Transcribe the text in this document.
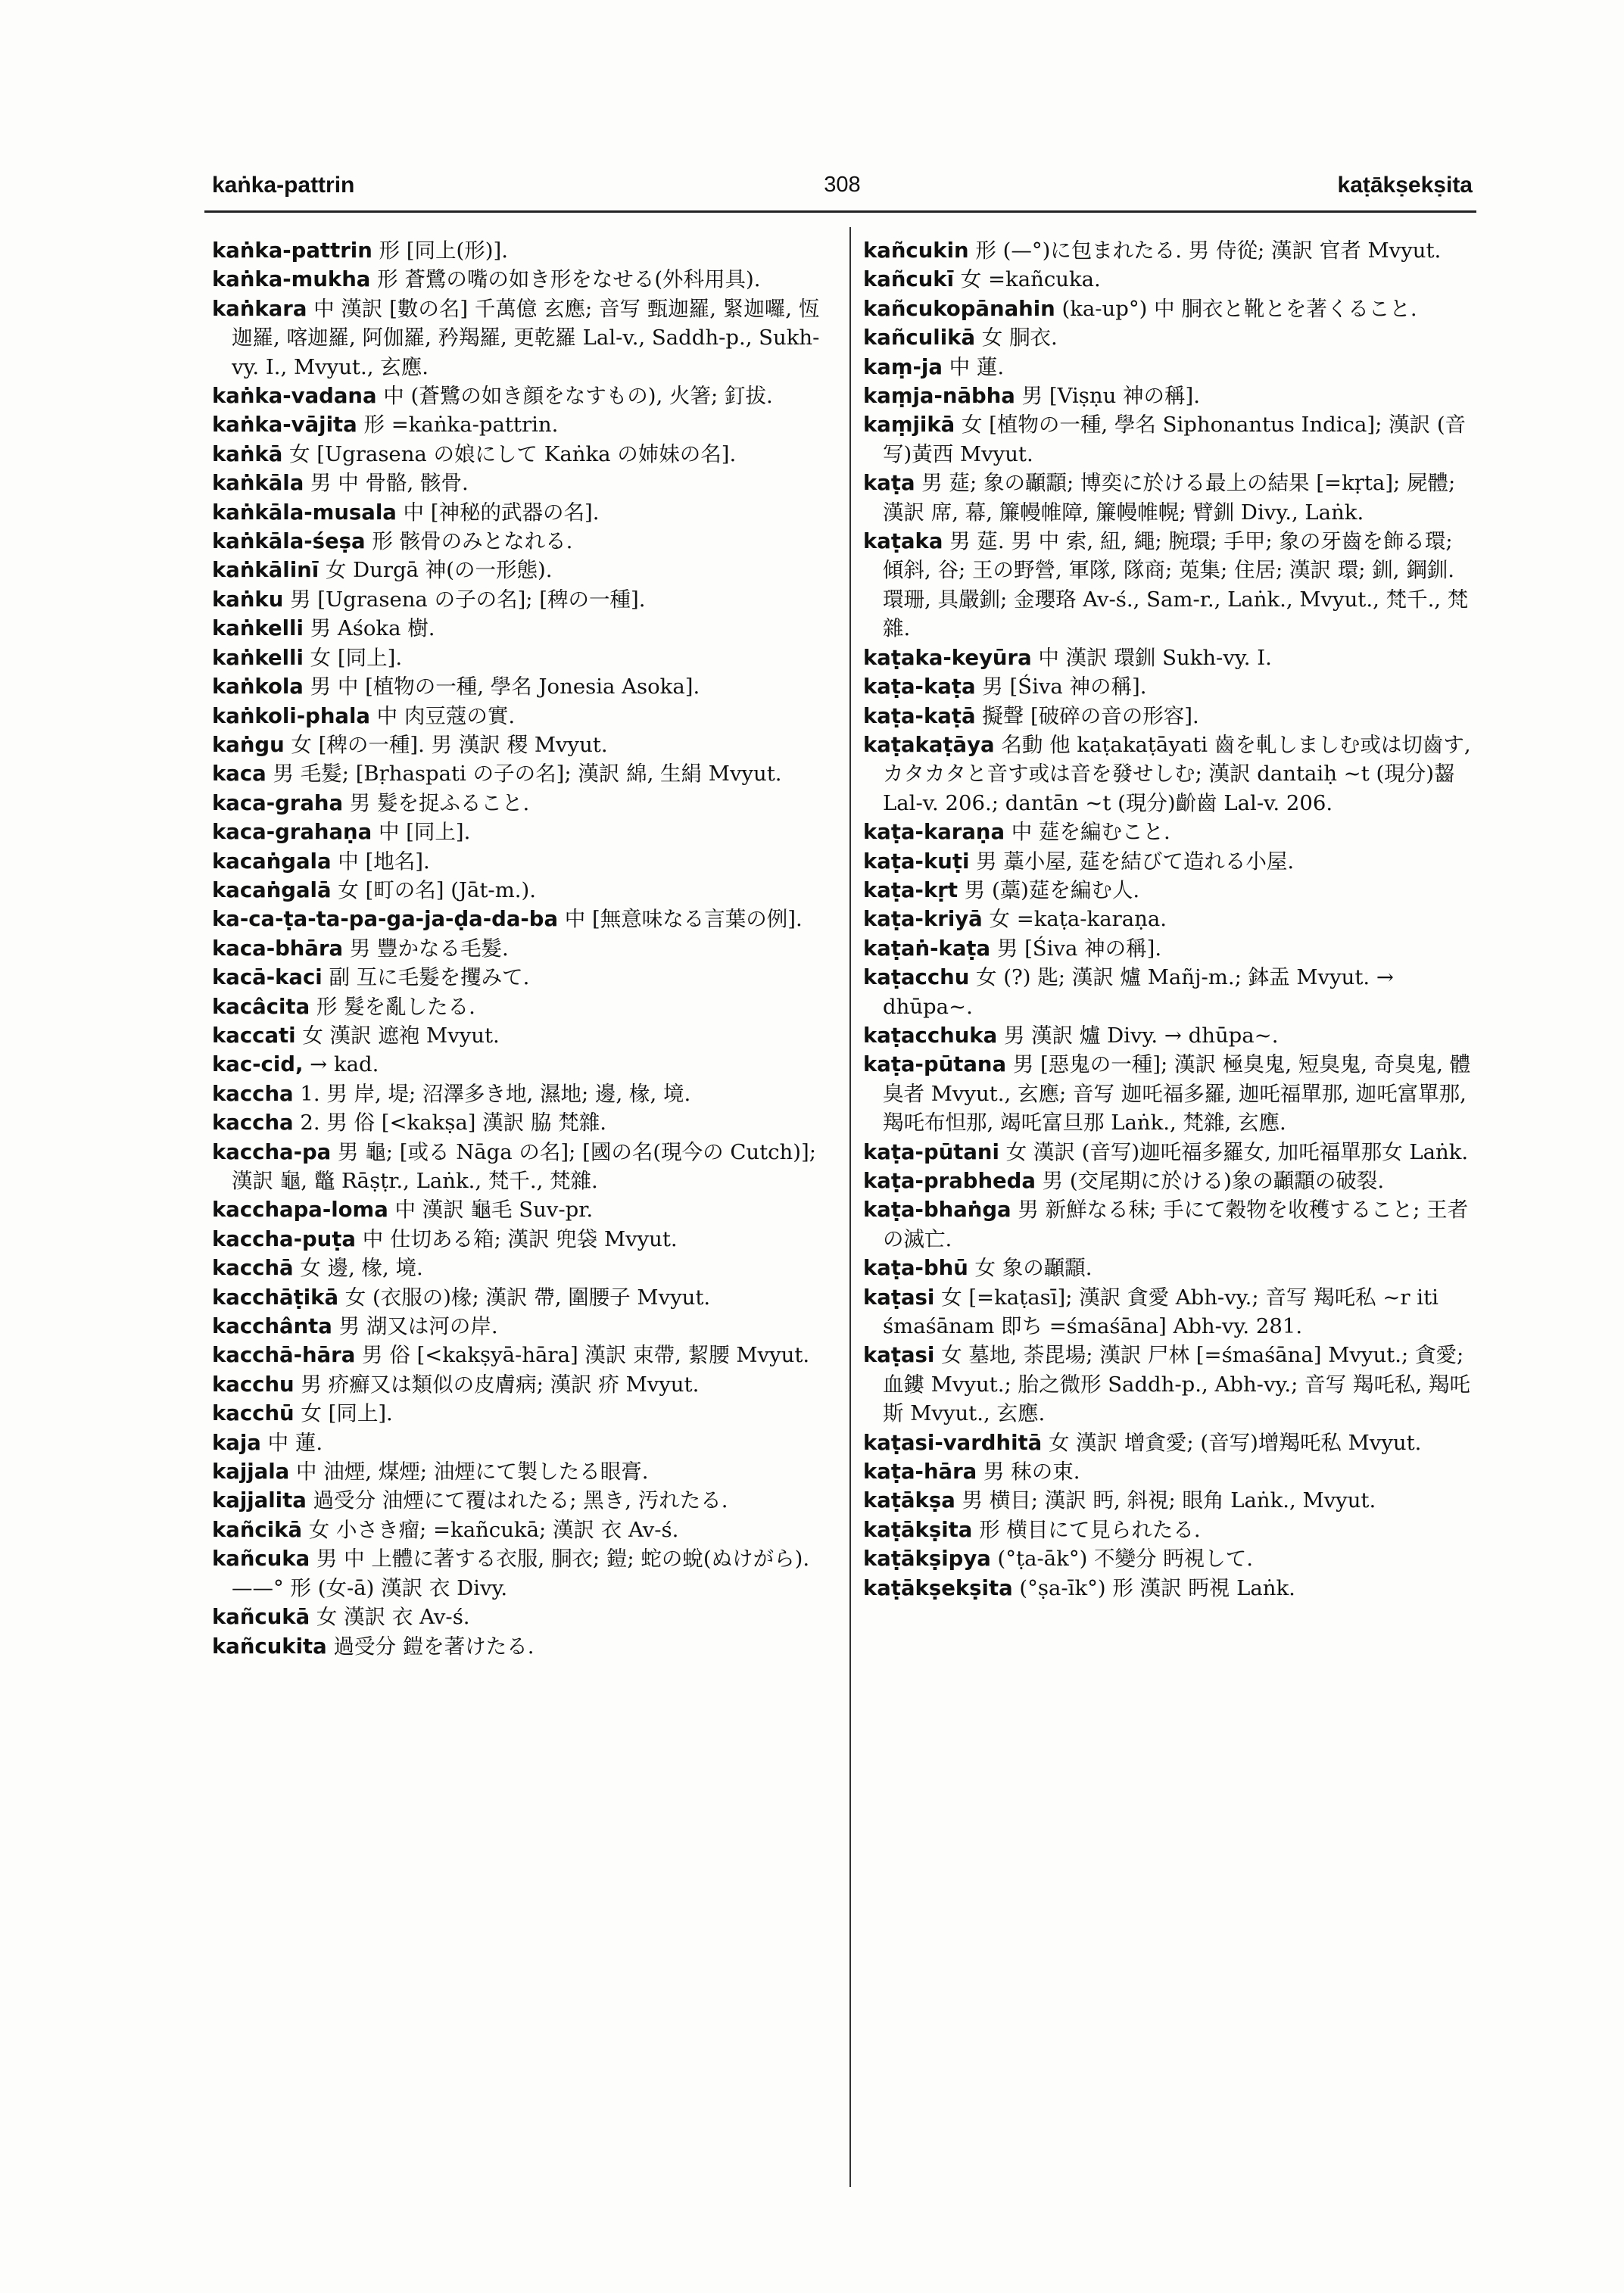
kaṅka-pattrin	308	kaṭākṣekṣita
kaṅka-pattrin 形 [同上(形)].
kaṅka-mukha 形 蒼鷺の嘴の如き形をなせる(外科用具).
kaṅkara 中 漢訳 [數の名] 千萬億 玄應; 音写 甄迦羅, 緊迦囉, 恆迦羅, 喀迦羅, 阿伽羅, 矜羯羅, 更乾羅 Lal-v., Saddh-p., Sukh-vy. I., Mvyut., 玄應.
kaṅka-vadana 中 (蒼鷺の如き顔をなすもの), 火箸; 釘拔.
kaṅka-vājita 形 =kaṅka-pattrin.
kaṅkā 女 [Ugrasena の娘にして Kaṅka の姉妹の名].
kaṅkāla 男 中 骨骼, 骸骨.
kaṅkāla-musala 中 [神秘的武器の名].
kaṅkāla-śeṣa 形 骸骨のみとなれる.
kaṅkālinī 女 Durgā 神(の一形態).
kaṅku 男 [Ugrasena の子の名]; [稗の一種].
kaṅkelli 男 Aśoka 樹.
kaṅkelli 女 [同上].
kaṅkola 男 中 [植物の一種, 學名 Jonesia Asoka].
kaṅkoli-phala 中 肉豆蔻の實.
kaṅgu 女 [稗の一種]. 男 漢訳 稷 Mvyut.
kaca 男 毛髮; [Bṛhaspati の子の名]; 漢訳 綿, 生絹 Mvyut.
kaca-graha 男 髮を捉ふること.
kaca-grahaṇa 中 [同上].
kacaṅgala 中 [地名].
kacaṅgalā 女 [町の名] (Jāt-m.).
ka-ca-ṭa-ta-pa-ga-ja-ḍa-da-ba 中 [無意味なる言葉の例].
kaca-bhāra 男 豐かなる毛髮.
kacā-kaci 副 互に毛髮を攫みて.
kacâcita 形 髮を亂したる.
kaccati 女 漢訳 遮袍 Mvyut.
kac-cid, → kad.
kaccha 1. 男 岸, 堤; 沼澤多き地, 濕地; 邊, 椽, 境.
kaccha 2. 男 俗 [<kakṣa] 漢訳 脇 梵雜.
kaccha-pa 男 龜; [或る Nāga の名]; [國の名(現今の Cutch)]; 漢訳 龜, 鼈 Rāṣṭr., Laṅk., 梵千., 梵雜.
kacchapa-loma 中 漢訳 龜毛 Suv-pr.
kaccha-puṭa 中 仕切ある箱; 漢訳 兜袋 Mvyut.
kacchā 女 邊, 椽, 境.
kacchāṭikā 女 (衣服の)椽; 漢訳 帶, 圍腰子 Mvyut.
kacchânta 男 湖又は河の岸.
kacchā-hāra 男 俗 [<kakṣyā-hāra] 漢訳 束帶, 絜腰 Mvyut.
kacchu 男 疥癬又は類似の皮膚病; 漢訳 疥 Mvyut.
kacchū 女 [同上].
kaja 中 蓮.
kajjala 中 油煙, 煤煙; 油煙にて製したる眼膏.
kajjalita 過受分 油煙にて覆はれたる; 黑き, 汚れたる.
kañcikā 女 小さき瘤; =kañcukā; 漢訳 衣 Av-ś.
kañcuka 男 中 上體に著する衣服, 胴衣; 鎧; 蛇の蛻(ぬけがら). ——° 形 (女-ā) 漢訳 衣 Divy.
kañcukā 女 漢訳 衣 Av-ś.
kañcukita 過受分 鎧を著けたる.
kañcukin 形 (—°)に包まれたる. 男 侍從; 漢訳 官者 Mvyut.
kañcukī 女 =kañcuka.
kañcukopānahin (ka-up°) 中 胴衣と靴とを著くること.
kañculikā 女 胴衣.
kaṃ-ja 中 蓮.
kaṃja-nābha 男 [Viṣṇu 神の稱].
kaṃjikā 女 [植物の一種, 學名 Siphonantus Indica]; 漢訳 (音写)黃西 Mvyut.
kaṭa 男 莚; 象の顳顬; 博奕に於ける最上の結果 [=kṛta]; 屍體; 漢訳 席, 幕, 簾幔帷障, 簾幔帷幌; 臂釧 Divy., Laṅk.
kaṭaka 男 莚. 男 中 索, 紐, 繩; 腕環; 手甲; 象の牙齒を飾る環; 傾斜, 谷; 王の野營, 軍隊, 隊商; 莵集; 住居; 漢訳 環; 釧, 鋼釧. 環珊, 具嚴釧; 金瓔珞 Av-ś., Sam-r., Laṅk., Mvyut., 梵千., 梵雜.
kaṭaka-keyūra 中 漢訳 環釧 Sukh-vy. I.
kaṭa-kaṭa 男 [Śiva 神の稱].
kaṭa-kaṭā 擬聲 [破碎の音の形容].
kaṭakaṭāya 名動 他 kaṭakaṭāyati 齒を軋しましむ或は切齒す, カタカタと音す或は音を發せしむ; 漢訳 dantaiḥ ~t (現分)齧 Lal-v. 206.; dantān ~t (現分)齘齒 Lal-v. 206.
kaṭa-karaṇa 中 莚を編むこと.
kaṭa-kuṭi 男 藁小屋, 莚を結びて造れる小屋.
kaṭa-kṛt 男 (藁)莚を編む人.
kaṭa-kriyā 女 =kaṭa-karaṇa.
kaṭaṅ-kaṭa 男 [Śiva 神の稱].
kaṭacchu 女 (?) 匙; 漢訳 爐 Mañj-m.; 鉢盂 Mvyut. → dhūpa~.
kaṭacchuka 男 漢訳 爐 Divy. → dhūpa~.
kaṭa-pūtana 男 [惡鬼の一種]; 漢訳 極臭鬼, 短臭鬼, 奇臭鬼, 體臭者 Mvyut., 玄應; 音写 迦吒福多羅, 迦吒福單那, 迦吒富單那, 羯吒布怛那, 竭吒富旦那 Laṅk., 梵雜, 玄應.
kaṭa-pūtani 女 漢訳 (音写)迦吒福多羅女, 加吒福單那女 Laṅk.
kaṭa-prabheda 男 (交尾期に於ける)象の顳顬の破裂.
kaṭa-bhaṅga 男 新鮮なる秣; 手にて穀物を收穫すること; 王者の滅亡.
kaṭa-bhū 女 象の顳顬.
kaṭasi 女 [=kaṭasī]; 漢訳 貪愛 Abh-vy.; 音写 羯吒私 ~r iti śmaśānam 即ち =śmaśāna] Abh-vy. 281.
kaṭasi 女 墓地, 荼毘場; 漢訳 尸林 [=śmaśāna] Mvyut.; 貪愛; 血鏤 Mvyut.; 胎之微形 Saddh-p., Abh-vy.; 音写 羯吒私, 羯吒斯 Mvyut., 玄應.
kaṭasi-vardhitā 女 漢訳 增貪愛; (音写)增羯吒私 Mvyut.
kaṭa-hāra 男 秣の束.
kaṭākṣa 男 横目; 漢訳 眄, 斜視; 眼角 Laṅk., Mvyut.
kaṭākṣita 形 横目にて見られたる.
kaṭākṣipya (°ṭa-āk°) 不變分 眄視して.
kaṭākṣekṣita (°ṣa-īk°) 形 漢訳 眄視 Laṅk.
